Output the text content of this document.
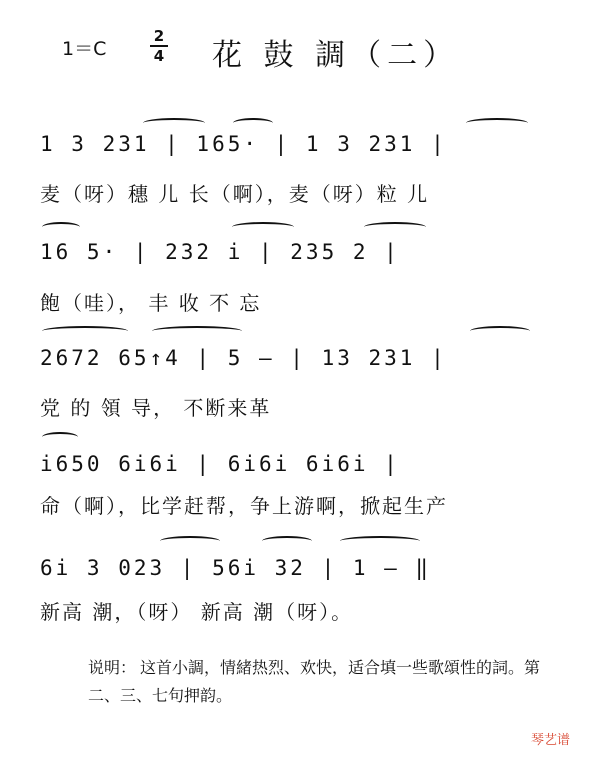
1＝C
2
4 花 鼓 調（二）
1 3 231 | 165· | 1 3 231 |
麦（呀）穗 儿 长（啊），麦（呀）粒 儿
16 5· | 232 i | 235 2 |
飽（哇）， 丰 收 不 忘
2672 65↑4 | 5 — | 13 231 |
党 的 領 导， 不断来革
i650 6i6i | 6i6i 6i6i |
命（啊），比学赶帮，争上游啊，掀起生产
6i 3 023 | 56i 32 | 1 — ‖
新高 潮，（呀） 新高 潮（呀）。
说明： 这首小調，情緒热烈、欢快，适合填一些歌頌性的詞。第二、三、七句押韵。
琴艺谱
